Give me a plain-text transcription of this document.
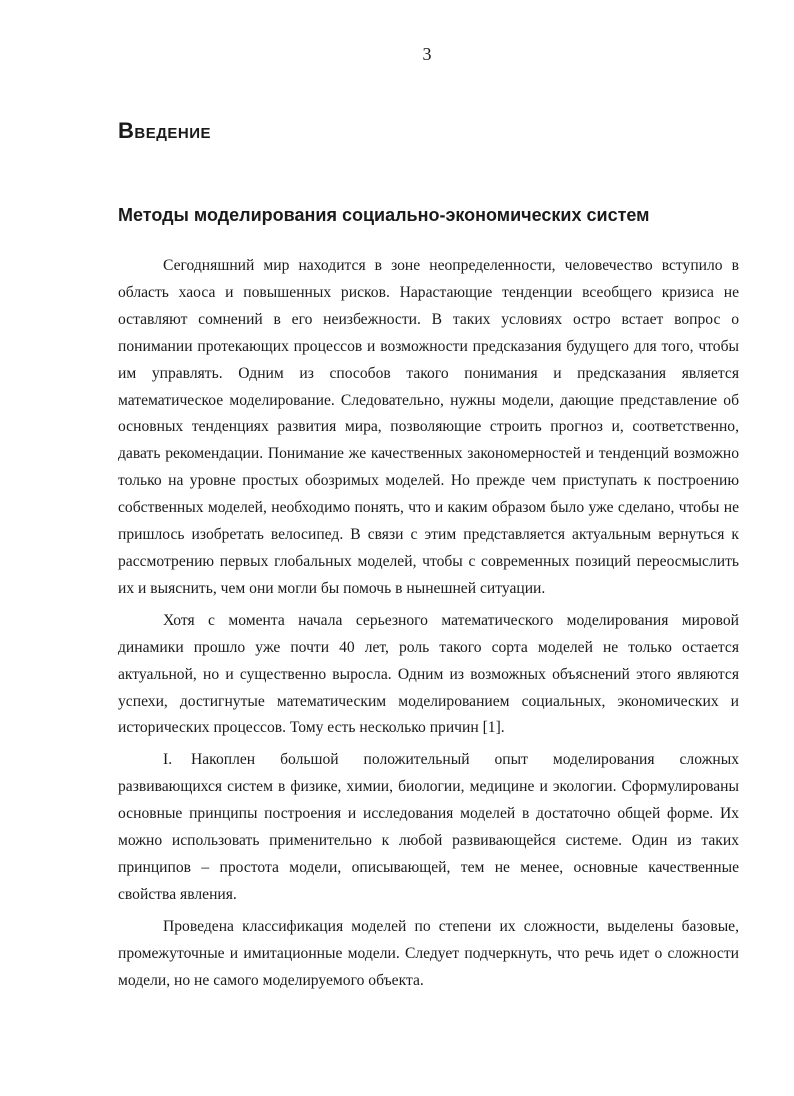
3
Введение
Методы моделирования социально-экономических систем

Сегодняшний мир находится в зоне неопределенности, человечество вступило в область хаоса и повышенных рисков. Нарастающие тенденции всеобщего кризиса не оставляют сомнений в его неизбежности. В таких условиях остро встает вопрос о понимании протекающих процессов и возможности предсказания будущего для того, чтобы им управлять. Одним из способов такого понимания и предсказания является математическое моделирование. Следовательно, нужны модели, дающие представление об основных тенденциях развития мира, позволяющие строить прогноз и, соответственно, давать рекомендации. Понимание же качественных закономерностей и тенденций возможно только на уровне простых обозримых моделей. Но прежде чем приступать к построению собственных моделей, необходимо понять, что и каким образом было уже сделано, чтобы не пришлось изобретать велосипед. В связи с этим представляется актуальным вернуться к рассмотрению первых глобальных моделей, чтобы с современных позиций переосмыслить их и выяснить, чем они могли бы помочь в нынешней ситуации.

Хотя с момента начала серьезного математического моделирования мировой динамики прошло уже почти 40 лет, роль такого сорта моделей не только остается актуальной, но и существенно выросла. Одним из возможных объяснений этого являются успехи, достигнутые математическим моделированием социальных, экономических и исторических процессов. Тому есть несколько причин [1].

I. Накоплен большой положительный опыт моделирования сложных развивающихся систем в физике, химии, биологии, медицине и экологии. Сформулированы основные принципы построения и исследования моделей в достаточно общей форме. Их можно использовать применительно к любой развивающейся системе. Один из таких принципов – простота модели, описывающей, тем не менее, основные качественные свойства явления.

Проведена классификация моделей по степени их сложности, выделены базовые, промежуточные и имитационные модели. Следует подчеркнуть, что речь идет о сложности модели, но не самого моделируемого объекта.
